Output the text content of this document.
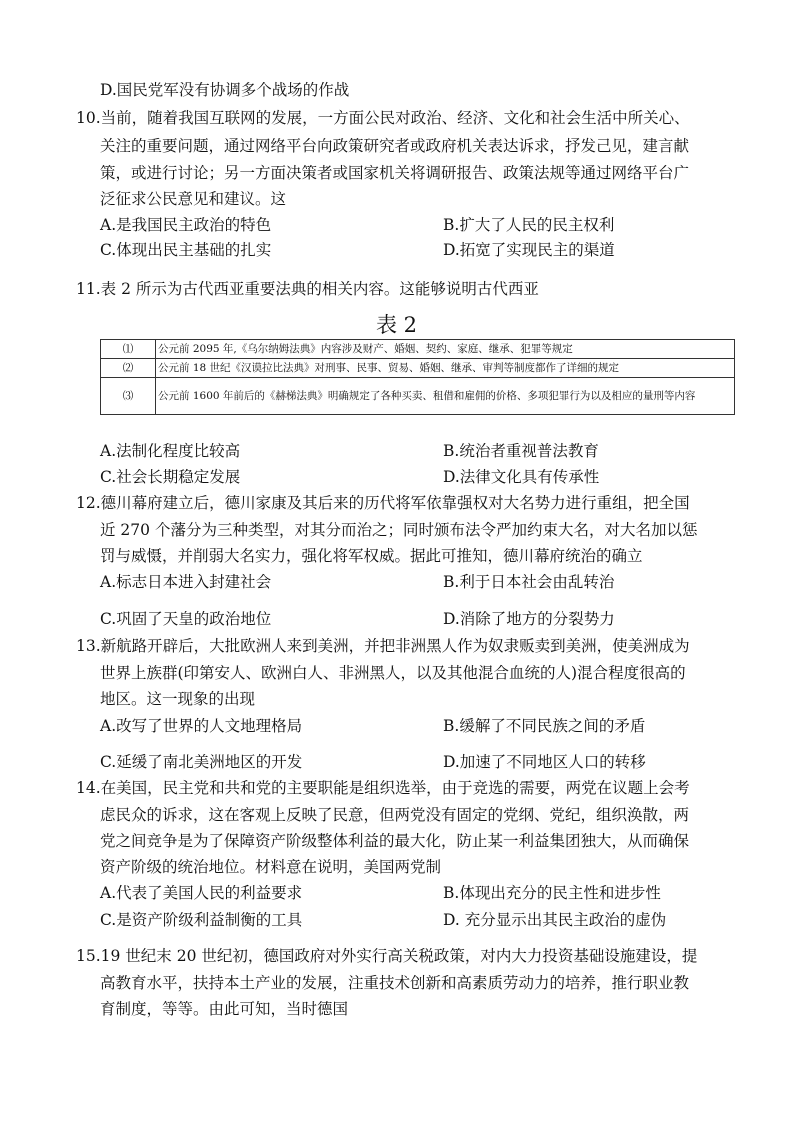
D.国民党军没有协调多个战场的作战
10.当前，随着我国互联网的发展，一方面公民对政治、经济、文化和社会生活中所关心、
关注的重要问题，通过网络平台向政策研究者或政府机关表达诉求，抒发己见，建言献
策，或进行讨论；另一方面决策者或国家机关将调研报告、政策法规等通过网络平台广
泛征求公民意见和建议。这
A.是我国民主政治的特色	B.扩大了人民的民主权利
C.体现出民主基础的扎实	D.拓宽了实现民主的渠道
11.表 2 所示为古代西亚重要法典的相关内容。这能够说明古代西亚
表 2
⑴	公元前 2095 年,《乌尔纳姆法典》内容涉及财产、婚姻、契约、家庭、继承、犯罪等规定
⑵	公元前 18 世纪《汉谟拉比法典》对刑事、民事、贸易、婚姻、继承、审判等制度都作了详细的规定
⑶	公元前 1600 年前后的《赫梯法典》明确规定了各种买卖、租借和雇佣的价格、多项犯罪行为以及相应的量刑等内容
A.法制化程度比较高	B.统治者重视普法教育
C.社会长期稳定发展	D.法律文化具有传承性
12.德川幕府建立后，德川家康及其后来的历代将军依靠强权对大名势力进行重组，把全国
近 270 个藩分为三种类型，对其分而治之；同时颁布法令严加约束大名，对大名加以惩
罚与威慑，并削弱大名实力，强化将军权威。据此可推知，德川幕府统治的确立
A.标志日本进入封建社会	B.利于日本社会由乱转治
C.巩固了天皇的政治地位	D.消除了地方的分裂势力
13.新航路开辟后，大批欧洲人来到美洲，并把非洲黑人作为奴隶贩卖到美洲，使美洲成为
世界上族群(印第安人、欧洲白人、非洲黑人，以及其他混合血统的人)混合程度很高的
地区。这一现象的出现
A.改写了世界的人文地理格局	B.缓解了不同民族之间的矛盾
C.延缓了南北美洲地区的开发	D.加速了不同地区人口的转移
14.在美国，民主党和共和党的主要职能是组织选举，由于竞选的需要，两党在议题上会考
虑民众的诉求，这在客观上反映了民意，但两党没有固定的党纲、党纪，组织涣散，两
党之间竞争是为了保障资产阶级整体利益的最大化，防止某一利益集团独大，从而确保
资产阶级的统治地位。材料意在说明，美国两党制
A.代表了美国人民的利益要求	B.体现出充分的民主性和进步性
C.是资产阶级利益制衡的工具	D. 充分显示出其民主政治的虚伪
15.19 世纪末 20 世纪初，德国政府对外实行高关税政策，对内大力投资基础设施建设，提
高教育水平，扶持本土产业的发展，注重技术创新和高素质劳动力的培养，推行职业教
育制度，等等。由此可知，当时德国
